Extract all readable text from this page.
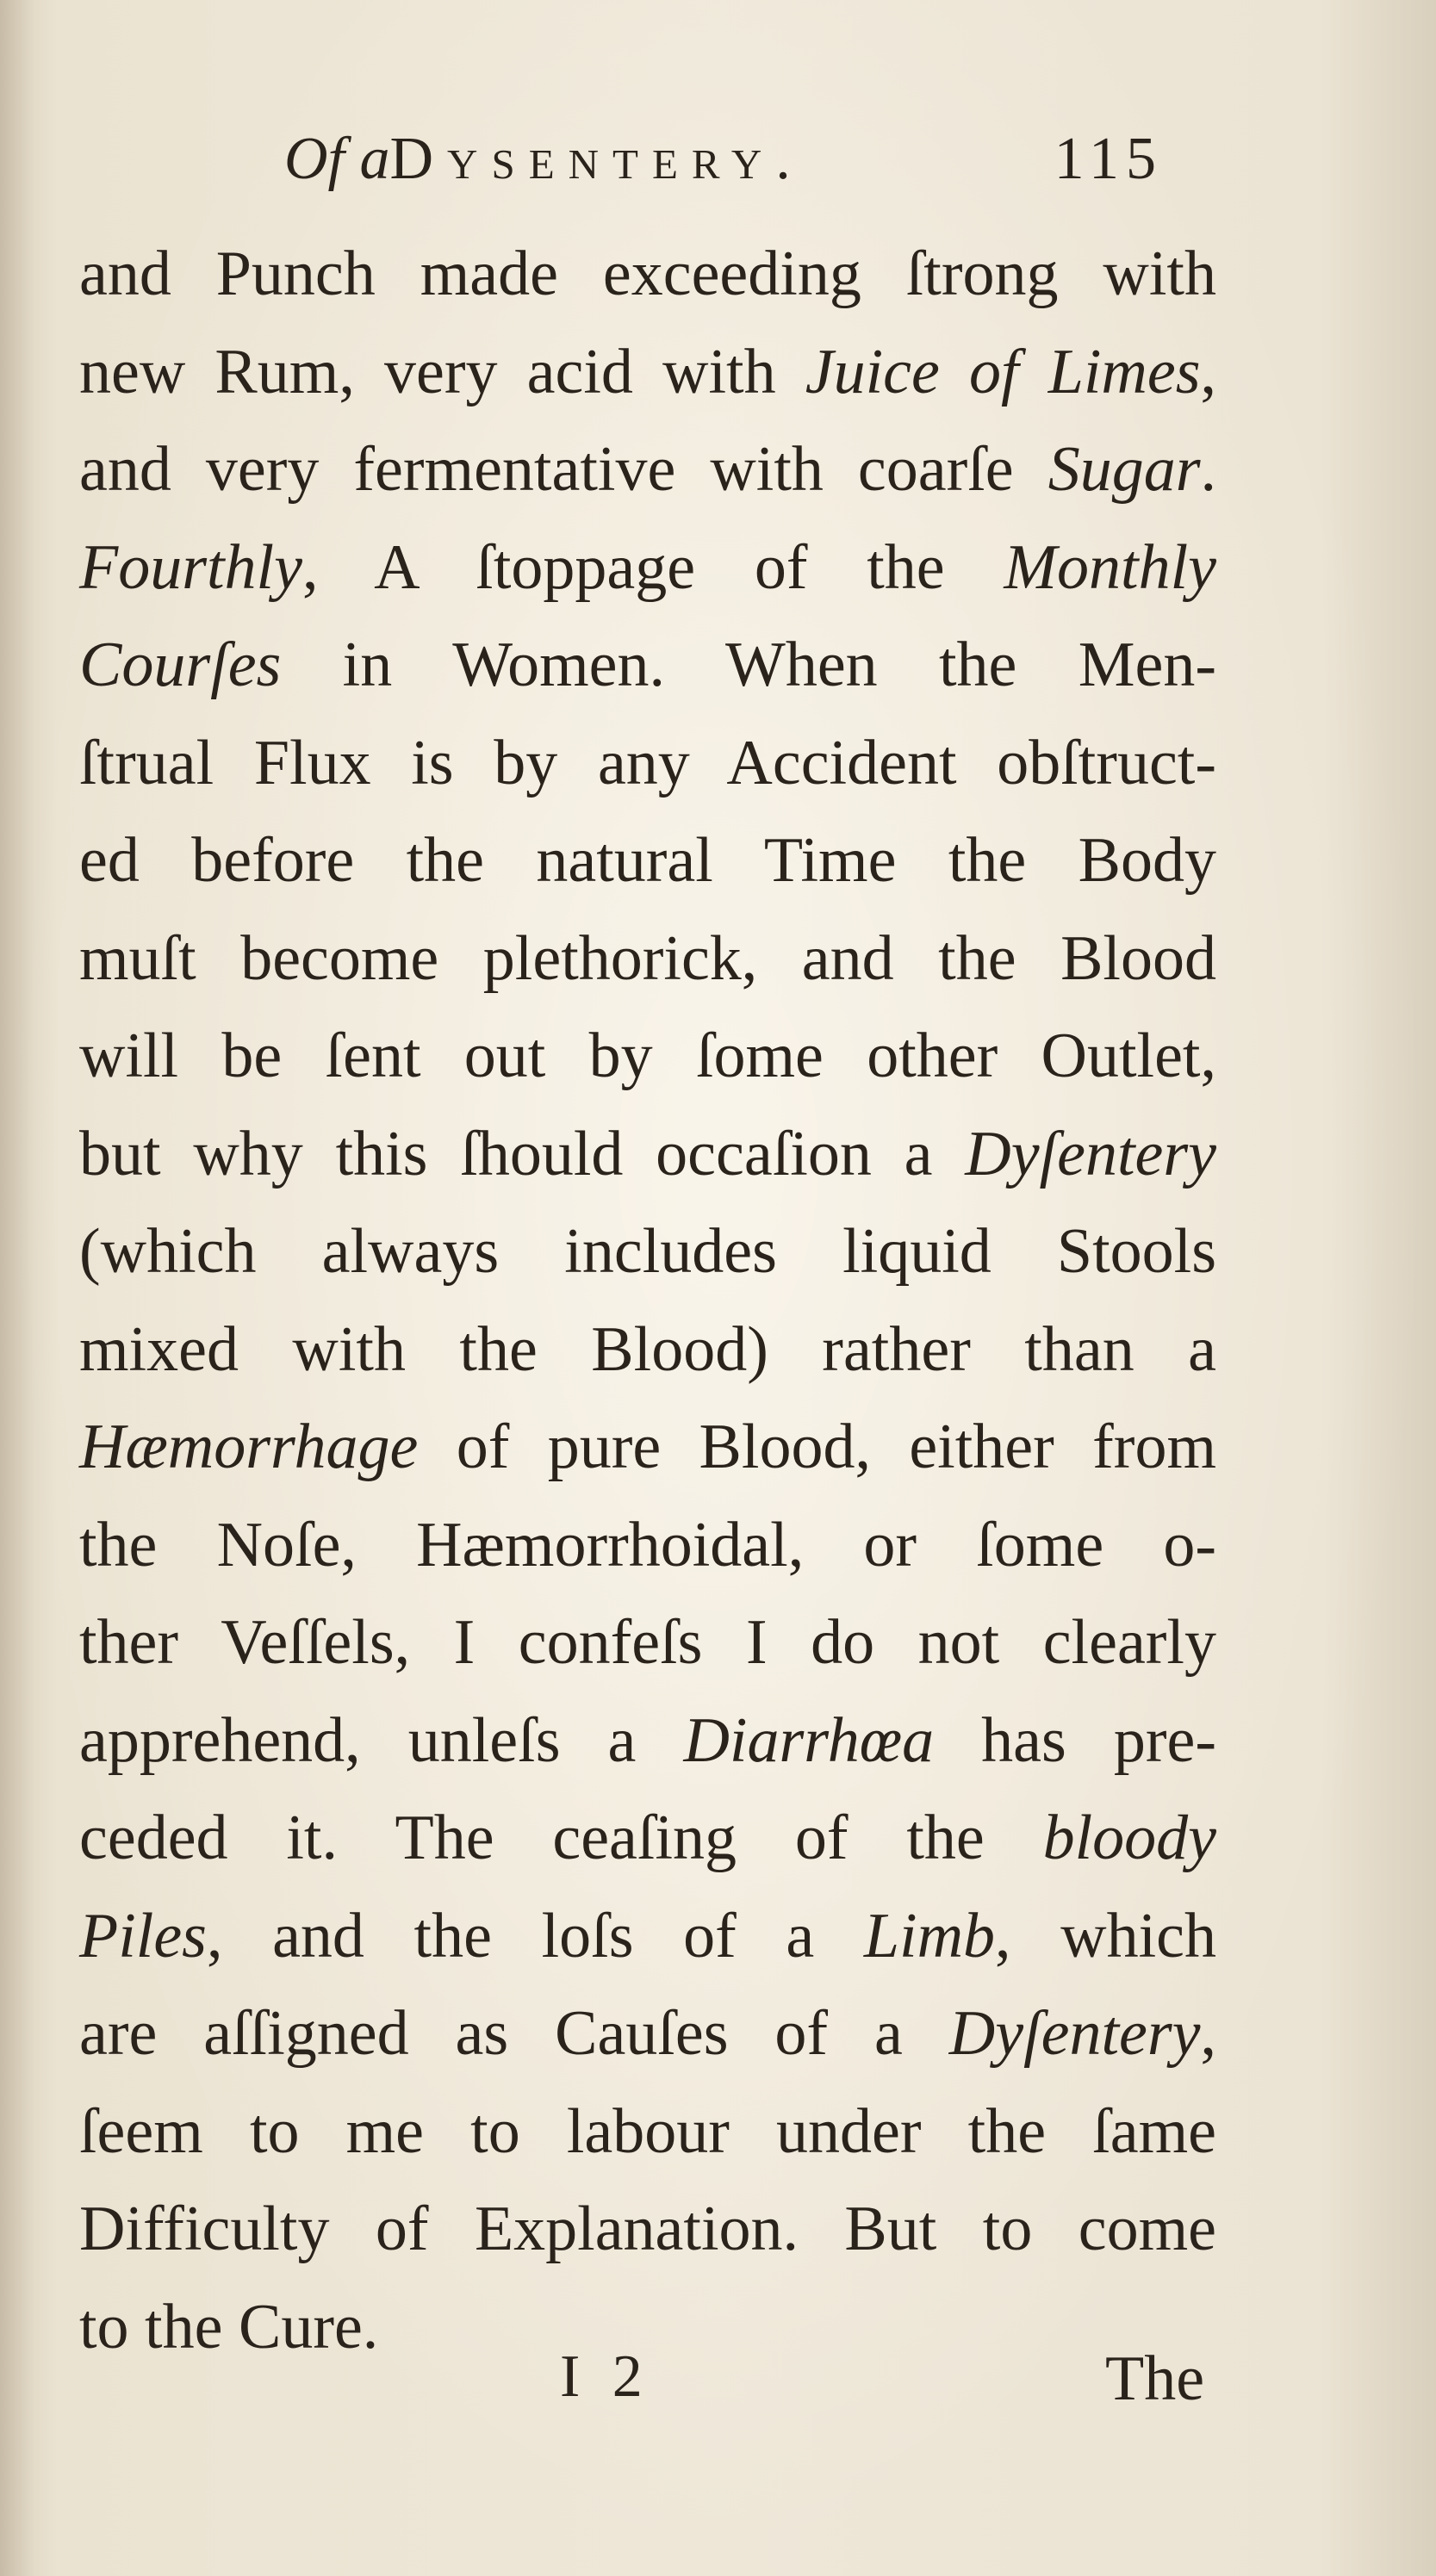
Of aDysentery.	115
and Punch made exceeding ſtrong with
new Rum, very acid with Juice of Limes,
and very fermentative with coarſe Sugar.
Fourthly, A ſtoppage of the Monthly
Courſes in Women. When the Men-
ſtrual Flux is by any Accident obſtruct-
ed before the natural Time the Body
muſt become plethorick, and the Blood
will be ſent out by ſome other Outlet,
but why this ſhould occaſion a Dyſentery
(which always includes liquid Stools
mixed with the Blood) rather than a
Hæmorrhage of pure Blood, either from
the Noſe, Hæmorrhoidal, or ſome o-
ther Veſſels, I confeſs I do not clearly
apprehend, unleſs a Diarrhœa has pre-
ceded it. The ceaſing of the bloody
Piles, and the loſs of a Limb, which
are aſſigned as Cauſes of a Dyſentery,
ſeem to me to labour under the ſame
Difficulty of Explanation. But to come
to the Cure.
I 2	The
